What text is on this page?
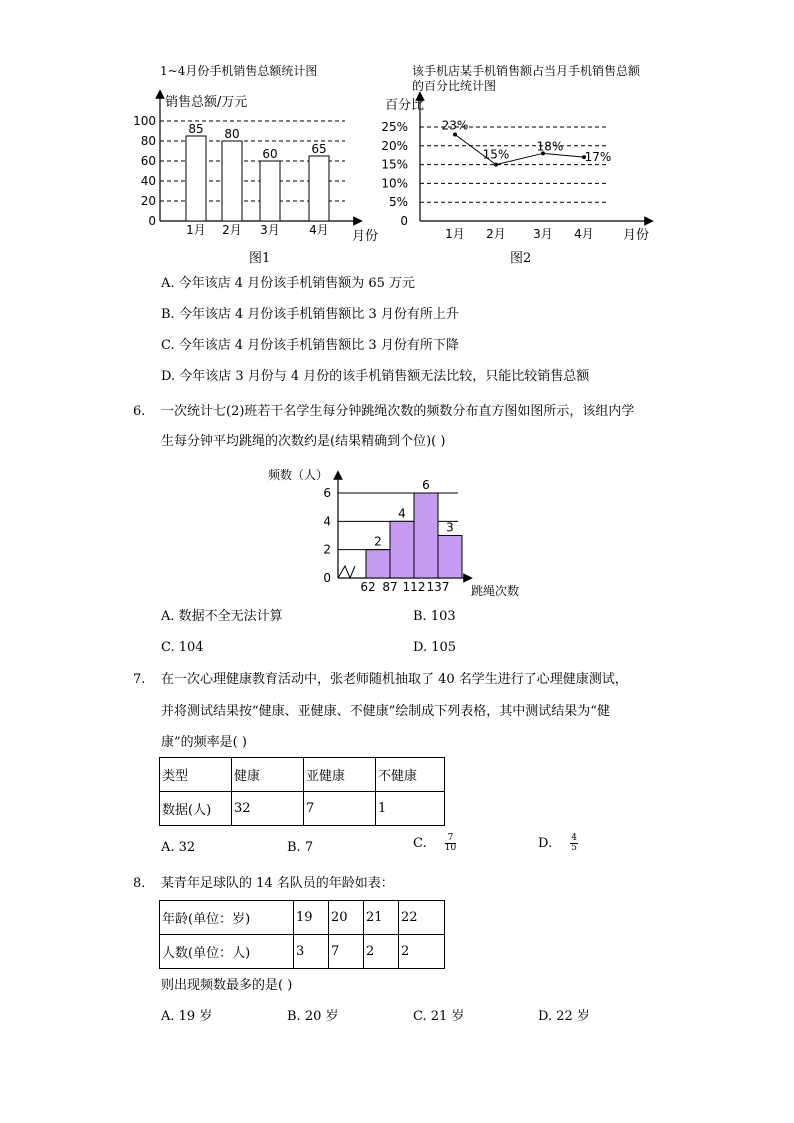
1~4月份手机销售总额统计图
销售总额/万元
月份
100
80
60
40
20
0
85 80
60	65
1月 2月 3月 4月
图1
该手机店某手机销售额占当月手机销售总额
的百分比统计图
百分比
月份
25%
20%
15%
10%
5%
0
23%
15%
18%
17%
1月 2月 3月 4月
图2
A. 今年该店 4 月份该手机销售额为 65 万元
B. 今年该店 4 月份该手机销售额比 3 月份有所上升
C. 今年该店 4 月份该手机销售额比 3 月份有所下降
D. 今年该店 3 月份与 4 月份的该手机销售额无法比较，只能比较销售总额
6. 一次统计七(2)班若干名学生每分钟跳绳次数的频数分布直方图如图所示，该组内学
生每分钟平均跳绳的次数约是(结果精确到个位)( )
频数（人）
跳绳次数
6
4
2
0
2
4
6
3
62 87 112 137
A. 数据不全无法计算	B. 103
C. 104	D. 105
7. 在一次心理健康教育活动中，张老师随机抽取了 40 名学生进行了心理健康测试，
并将测试结果按“健康、亚健康、不健康”绘制成下列表格，其中测试结果为“健
康”的频率是( )
类型	健康	亚健康	不健康
数据(人)	32	7	1
A. 32	B. 7	C. $\frac{7}{10}$	D. $\frac{4}{5}$
8. 某青年足球队的 14 名队员的年龄如表：
年龄(单位：岁)	19	20	21	22
人数(单位：人)	3	7	2	2
则出现频数最多的是( )
A. 19 岁	B. 20 岁	C. 21 岁	D. 22 岁
